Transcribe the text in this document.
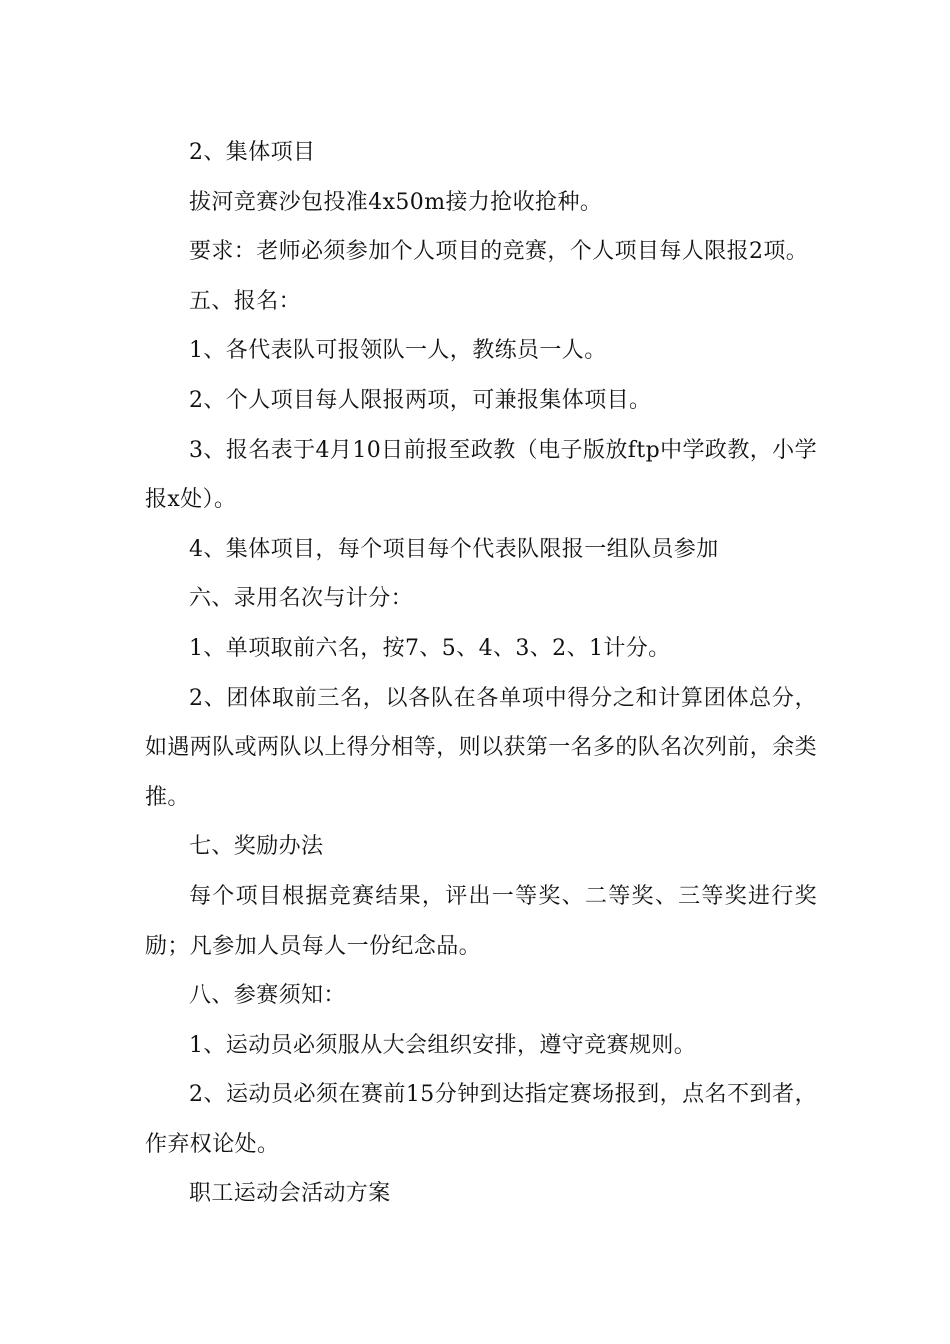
2、集体项目

拔河竞赛沙包投准4x50m接力抢收抢种。

要求：老师必须参加个人项目的竞赛，个人项目每人限报2项。

五、报名：

1、各代表队可报领队一人，教练员一人。

2、个人项目每人限报两项，可兼报集体项目。

3、报名表于4月10日前报至政教（电子版放ftp中学政教，小学报x处）。

4、集体项目，每个项目每个代表队限报一组队员参加

六、录用名次与计分：

1、单项取前六名，按7、5、4、3、2、1计分。

2、团体取前三名，以各队在各单项中得分之和计算团体总分，如遇两队或两队以上得分相等，则以获第一名多的队名次列前，余类推。

七、奖励办法

每个项目根据竞赛结果，评出一等奖、二等奖、三等奖进行奖励；凡参加人员每人一份纪念品。

八、参赛须知：

1、运动员必须服从大会组织安排，遵守竞赛规则。

2、运动员必须在赛前15分钟到达指定赛场报到，点名不到者，作弃权论处。

职工运动会活动方案
